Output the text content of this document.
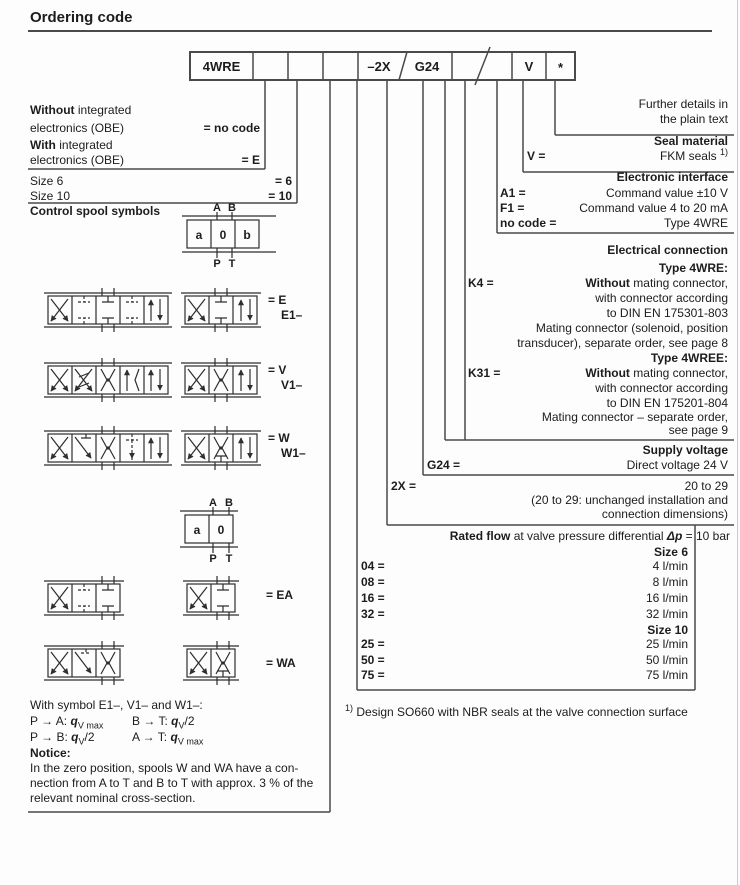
Ordering code
4WRE	–2X	G24	V	*
Without integrated
electronics (OBE)	= no code
With integrated
electronics (OBE)	= E
Size 6	= 6
Size 10	= 10
Control spool symbols	A B
a 0 b
P T
= E
E1–
= V
V1–
= W
W1–
A B
a 0
P T
= EA
= WA
With symbol E1–, V1– and W1–:
P → A: $q_{V max}$ B → T: $q_V/2$
P → B: $q_V/2$	A → T: $q_{V max}$
Notice:
In the zero position, spools W and WA have a con-
nection from A to T and B to T with approx. 3 % of the
relevant nominal cross-section.
Further details in
the plain text
Seal material
V =	FKM seals $^{1)}$
Electronic interface
A1 =	Command value ±10 V
F1 =	Command value 4 to 20 mA
no code =	Type 4WRE
Electrical connection
Type 4WRE:
K4 =	Without mating connector,
with connector according
to DIN EN 175301-803
Mating connector (solenoid, position
transducer), separate order, see page 8
Type 4WREE:
K31 =	Without mating connector,
with connector according
to DIN EN 175201-804
Mating connector – separate order,
see page 9
Supply voltage
G24 =	Direct voltage 24 V
2X =	20 to 29
(20 to 29: unchanged installation and
connection dimensions)
Rated flow at valve pressure differential Δp = 10 bar
Size 6
04 =	4 l/min
08 =	8 l/min
16 =	16 l/min
32 =	32 l/min
Size 10
25 =	25 l/min
50 =	50 l/min
75 =	75 l/min
$^{1)}$ Design SO660 with NBR seals at the valve connection surface
